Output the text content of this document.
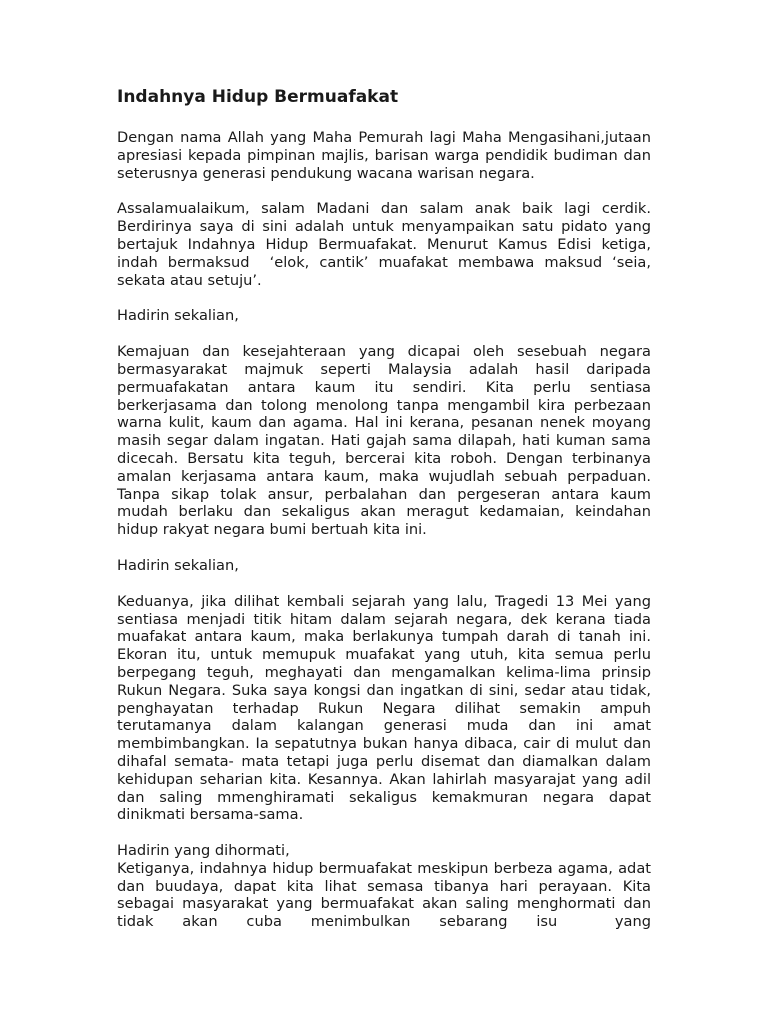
Indahnya Hidup Bermuafakat

Dengan nama Allah yang Maha Pemurah lagi Maha Mengasihani,jutaan apresiasi kepada pimpinan majlis, barisan warga pendidik budiman dan seterusnya generasi pendukung wacana warisan negara.

Assalamualaikum, salam Madani dan salam anak baik lagi cerdik. Berdirinya saya di sini adalah untuk menyampaikan satu pidato yang bertajuk Indahnya Hidup Bermuafakat. Menurut Kamus Edisi ketiga, indah bermaksud  ‘elok, cantik’ muafakat membawa maksud ‘seia, sekata atau setuju’.

Hadirin sekalian,

Kemajuan dan kesejahteraan yang dicapai oleh sesebuah negara bermasyarakat majmuk seperti Malaysia adalah hasil daripada permuafakatan antara kaum itu sendiri. Kita perlu sentiasa berkerjasama dan tolong menolong tanpa mengambil kira perbezaan warna kulit, kaum dan agama. Hal ini kerana, pesanan nenek moyang masih segar dalam ingatan. Hati gajah sama dilapah, hati kuman sama dicecah. Bersatu kita teguh, bercerai kita roboh. Dengan terbinanya amalan kerjasama antara kaum, maka wujudlah sebuah perpaduan. Tanpa sikap tolak ansur, perbalahan dan pergeseran antara kaum mudah berlaku dan sekaligus akan meragut kedamaian, keindahan hidup rakyat negara bumi bertuah kita ini.

Hadirin sekalian,

Keduanya, jika dilihat kembali sejarah yang lalu, Tragedi 13 Mei yang sentiasa menjadi titik hitam dalam sejarah negara, dek kerana tiada muafakat antara kaum, maka berlakunya tumpah darah di tanah ini. Ekoran itu, untuk memupuk muafakat yang utuh, kita semua perlu berpegang teguh, meghayati dan mengamalkan kelima-lima prinsip Rukun Negara. Suka saya kongsi dan ingatkan di sini, sedar atau tidak, penghayatan terhadap Rukun Negara dilihat semakin ampuh terutamanya dalam kalangan generasi muda dan ini amat membimbangkan. Ia sepatutnya bukan hanya dibaca, cair di mulut dan dihafal semata- mata tetapi juga perlu disemat dan diamalkan dalam kehidupan seharian kita. Kesannya. Akan lahirlah masyarajat yang adil dan saling mmenghiramati sekaligus kemakmuran negara dapat dinikmati bersama-sama.

Hadirin yang dihormati,

Ketiganya, indahnya hidup bermuafakat meskipun berbeza agama, adat dan buudaya, dapat kita lihat semasa tibanya hari perayaan. Kita sebagai masyarakat yang bermuafakat akan saling menghormati dan tidak akan cuba menimbulkan sebarang isu  yang
